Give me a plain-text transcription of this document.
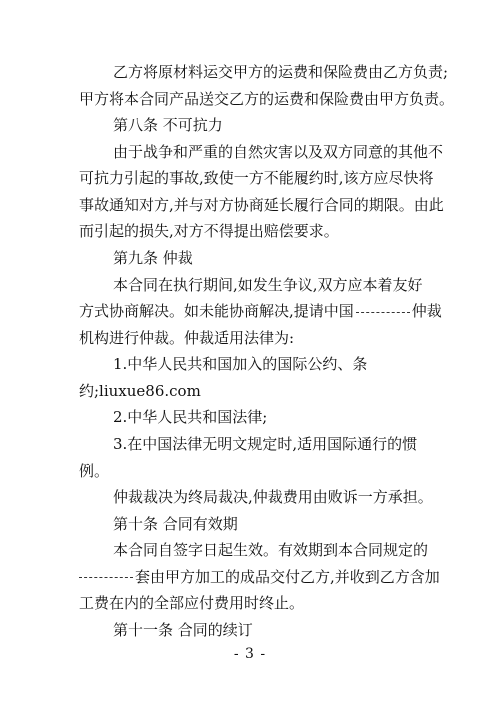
乙方将原材料运交甲方的运费和保险费由乙方负责;
甲方将本合同产品送交乙方的运费和保险费由甲方负责。
第八条 不可抗力
由于战争和严重的自然灾害以及双方同意的其他不
可抗力引起的事故,致使一方不能履约时,该方应尽快将
事故通知对方,并与对方协商延长履行合同的期限。由此
而引起的损失,对方不得提出赔偿要求。
第九条 仲裁
本合同在执行期间,如发生争议,双方应本着友好
方式协商解决。如未能协商解决,提请中国	仲裁
机构进行仲裁。仲裁适用法律为:
1.中华人民共和国加入的国际公约、条
约;liuxue86.com
2.中华人民共和国法律;
3.在中国法律无明文规定时,适用国际通行的惯
例。
仲裁裁决为终局裁决,仲裁费用由败诉一方承担。
第十条 合同有效期
本合同自签字日起生效。有效期到本合同规定的
套由甲方加工的成品交付乙方,并收到乙方含加
工费在内的全部应付费用时终止。
第十一条 合同的续订
- 3 -
